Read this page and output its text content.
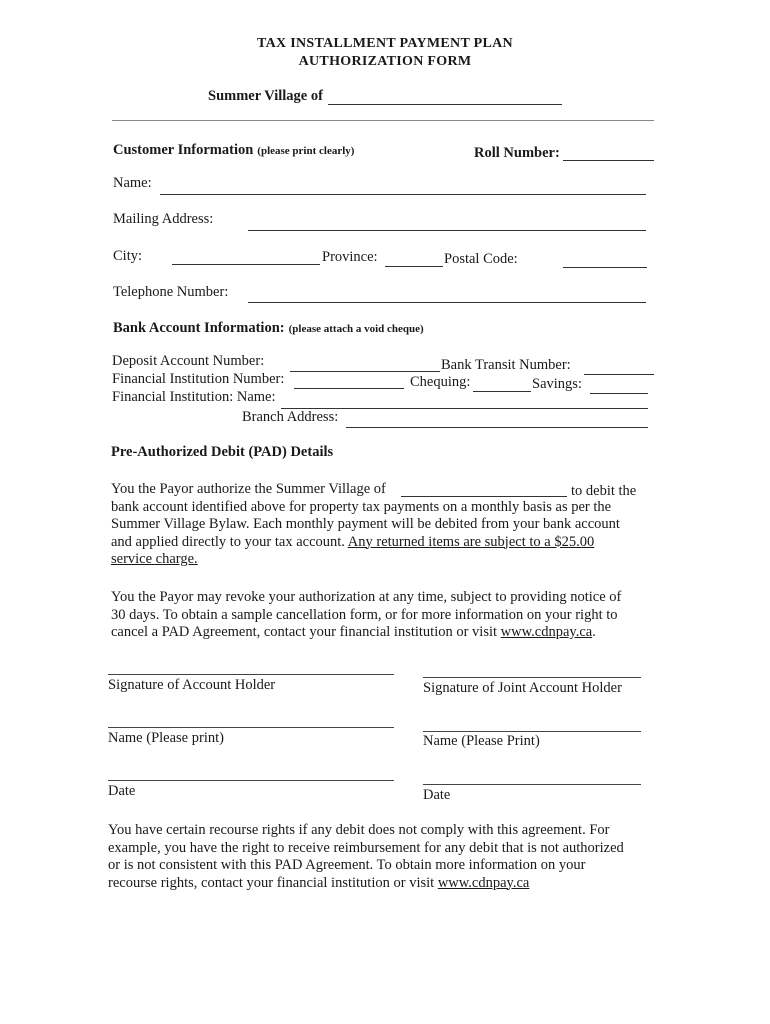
TAX INSTALLMENT PAYMENT PLAN
AUTHORIZATION FORM
Summer Village of
Customer Information (please print clearly)	Roll Number:
Name:
Mailing Address:
City:	Province:	Postal Code:
Telephone Number:
Bank Account Information: (please attach a void cheque)
Deposit Account Number:	Bank Transit Number:
Financial Institution Number:	Chequing:	Savings:
Financial Institution: Name:
Branch Address:
Pre-Authorized Debit (PAD) Details
You the Payor authorize the Summer Village of	to debit the
bank account identified above for property tax payments on a monthly basis as per the
Summer Village Bylaw. Each monthly payment will be debited from your bank account
and applied directly to your tax account. Any returned items are subject to a $25.00
service charge.
You the Payor may revoke your authorization at any time, subject to providing notice of
30 days. To obtain a sample cancellation form, or for more information on your right to
cancel a PAD Agreement, contact your financial institution or visit www.cdnpay.ca.
Signature of Account Holder	Signature of Joint Account Holder
Name (Please print)	Name (Please Print)
Date	Date
You have certain recourse rights if any debit does not comply with this agreement. For
example, you have the right to receive reimbursement for any debit that is not authorized
or is not consistent with this PAD Agreement. To obtain more information on your
recourse rights, contact your financial institution or visit www.cdnpay.ca
